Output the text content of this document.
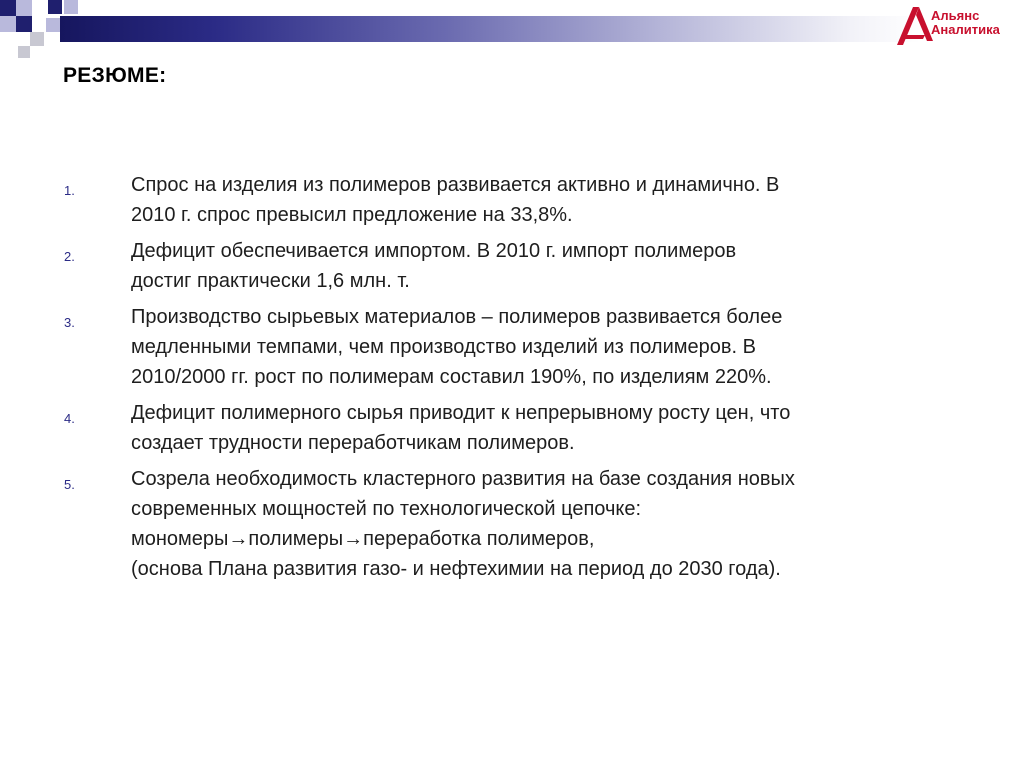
Альянс
Аналитика
РЕЗЮМЕ:
1.	Спрос на изделия из полимеров развивается активно и динамично. В
2010 г. спрос превысил предложение на 33,8%.
2.	Дефицит обеспечивается импортом. В 2010 г. импорт полимеров
достиг практически 1,6 млн. т.
3.	Производство сырьевых материалов – полимеров развивается более
медленными темпами, чем производство изделий из полимеров. В
2010/2000 гг. рост по полимерам составил 190%, по изделиям 220%.
4.	Дефицит полимерного сырья приводит к непрерывному росту цен, что
создает трудности переработчикам полимеров.
5.	Созрела необходимость кластерного развития на базе создания новых
современных мощностей по технологической цепочке:
мономеры→полимеры→переработка полимеров,
(основа Плана развития газо- и нефтехимии на период до 2030 года).
